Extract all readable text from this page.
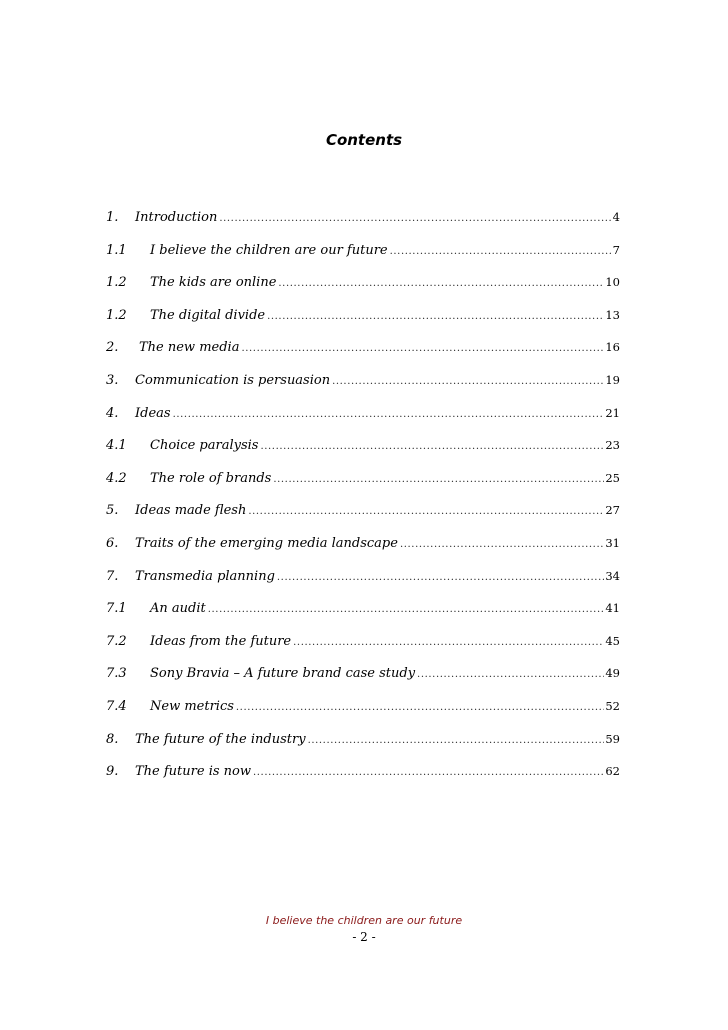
Contents
1. Introduction .....	4
1.1 I believe the children are our future .....	7
1.2 The kids are online .....	10
1.2 The digital divide .....	13
2. The new media .....	16
3. Communication is persuasion .....	19
4. Ideas .....	21
4.1 Choice paralysis .....	23
4.2 The role of brands .....	25
5. Ideas made flesh .....	27
6. Traits of the emerging media landscape .....	31
7. Transmedia planning .....	34
7.1 An audit .....	41
7.2 Ideas from the future .....	45
7.3 Sony Bravia – A future brand case study .....	49
7.4 New metrics .....	52
8. The future of the industry .....	59
9. The future is now .....	62
I believe the children are our future
- 2 -
